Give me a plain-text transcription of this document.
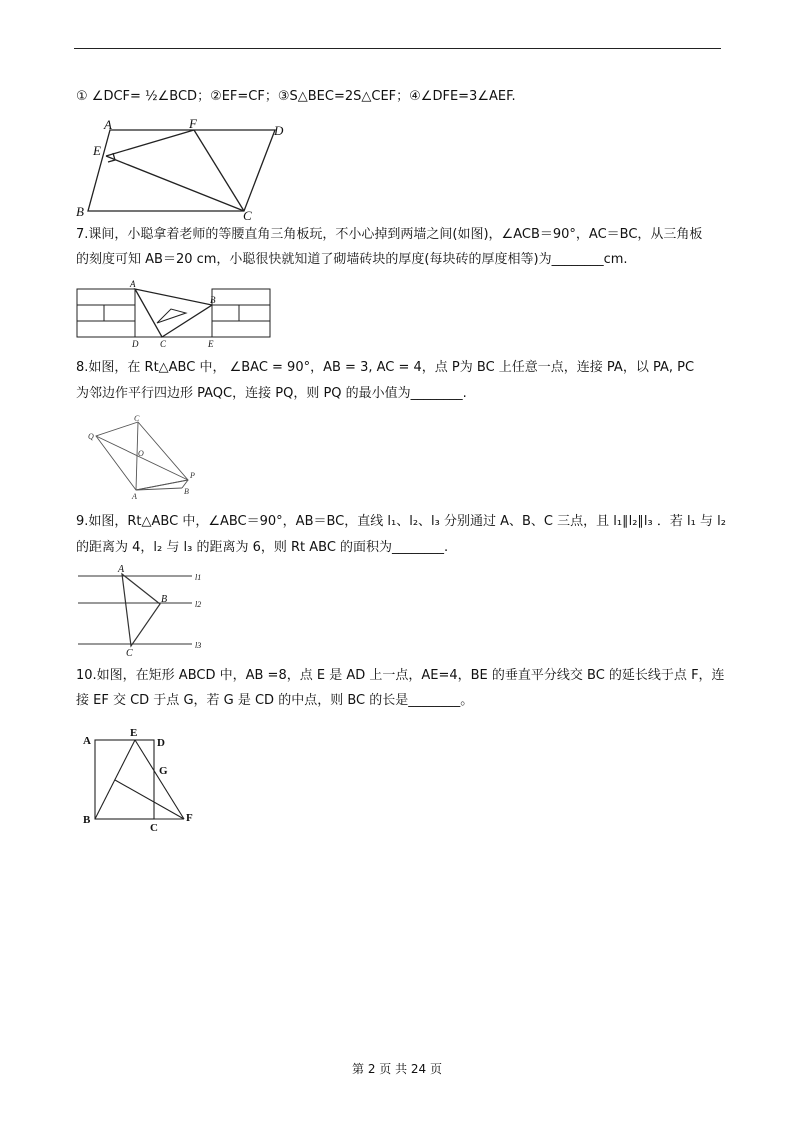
① ∠DCF= ½∠BCD；②EF=CF；③S△BEC=2S△CEF；④∠DFE=3∠AEF.
A	F	D
E
B	C
7.课间，小聪拿着老师的等腰直角三角板玩，不小心掉到两墙之间(如图)，∠ACB＝90°，AC＝BC，从三角板
的刻度可知 AB＝20 cm，小聪很快就知道了砌墙砖块的厚度(每块砖的厚度相等)为________cm.
A
B
D C	E
8.如图，在 Rt△ABC 中， ∠BAC = 90°，AB = 3, AC = 4，点 P为 BC 上任意一点，连接 PA，以 PA, PC
为邻边作平行四边形 PAQC，连接 PQ，则 PQ 的最小值为________.
C
Q
O
P
A
B
9.如图，Rt△ABC 中，∠ABC＝90°，AB＝BC，直线 l₁、l₂、l₃ 分别通过 A、B、C 三点，且 l₁∥l₂∥l₃ ．若 l₁ 与 l₂
的距离为 4，l₂ 与 l₃ 的距离为 6，则 Rt ABC 的面积为________.
A
B
C
l1
l2
l3
10.如图，在矩形 ABCD 中，AB =8，点 E 是 AD 上一点，AE=4，BE 的垂直平分线交 BC 的延长线于点 F，连
接 EF 交 CD 于点 G，若 G 是 CD 的中点，则 BC 的长是________。
A
E
D
G
B
C
F
第 2 页 共 24 页
